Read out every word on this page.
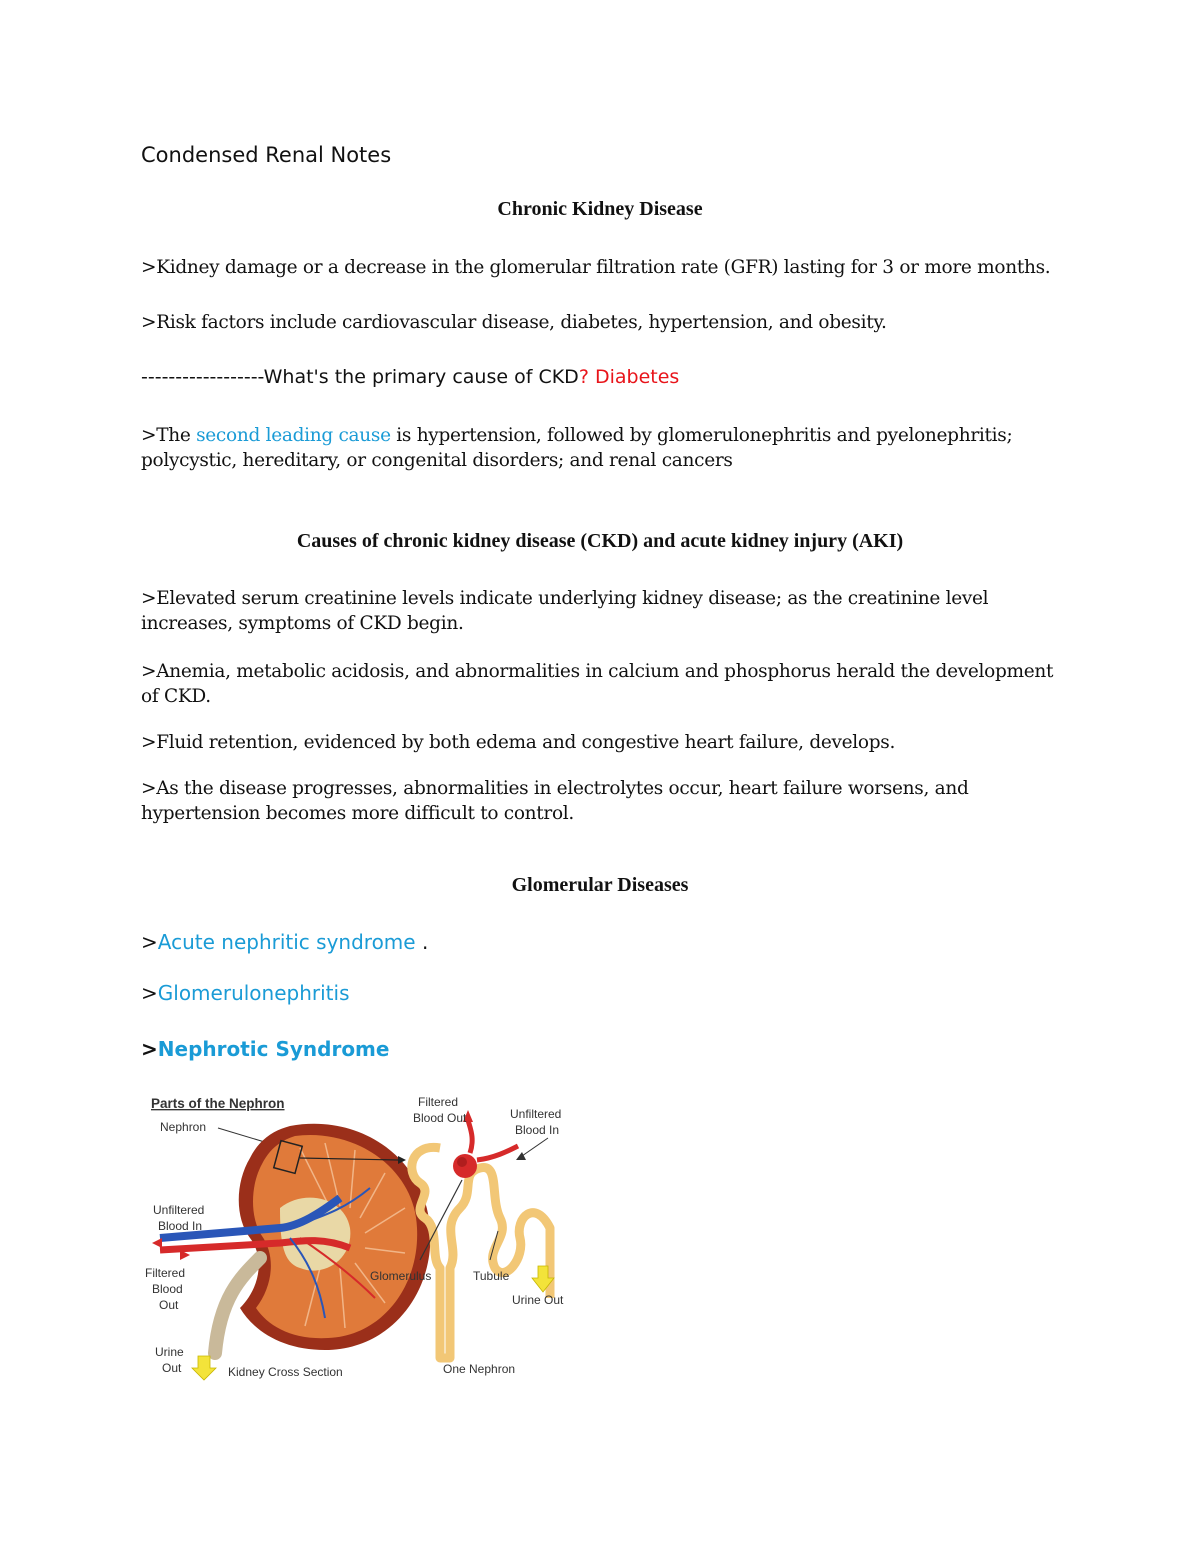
Condensed Renal Notes
Chronic Kidney Disease
>Kidney damage or a decrease in the glomerular filtration rate (GFR) lasting for 3 or more months.
>Risk factors include cardiovascular disease, diabetes, hypertension, and obesity.
------------------What's the primary cause of CKD? Diabetes
>The second leading cause is hypertension, followed by glomerulonephritis and pyelonephritis; polycystic, hereditary, or congenital disorders; and renal cancers
Causes of chronic kidney disease (CKD) and acute kidney injury (AKI)
>Elevated serum creatinine levels indicate underlying kidney disease; as the creatinine level increases, symptoms of CKD begin.
>Anemia, metabolic acidosis, and abnormalities in calcium and phosphorus herald the development of CKD.
>Fluid retention, evidenced by both edema and congestive heart failure, develops.
>As the disease progresses, abnormalities in electrolytes occur, heart failure worsens, and hypertension becomes more difficult to control.
Glomerular Diseases
>Acute nephritic syndrome .
>Glomerulonephritis
>Nephrotic Syndrome
Parts of the Nephron
Nephron
Unfiltered
Blood In
Filtered
Blood
Out
Urine
Out	Kidney Cross Section
Filtered
Blood Out	Unfiltered
Blood In
Glomerulus	Tubule
Urine Out
One Nephron
